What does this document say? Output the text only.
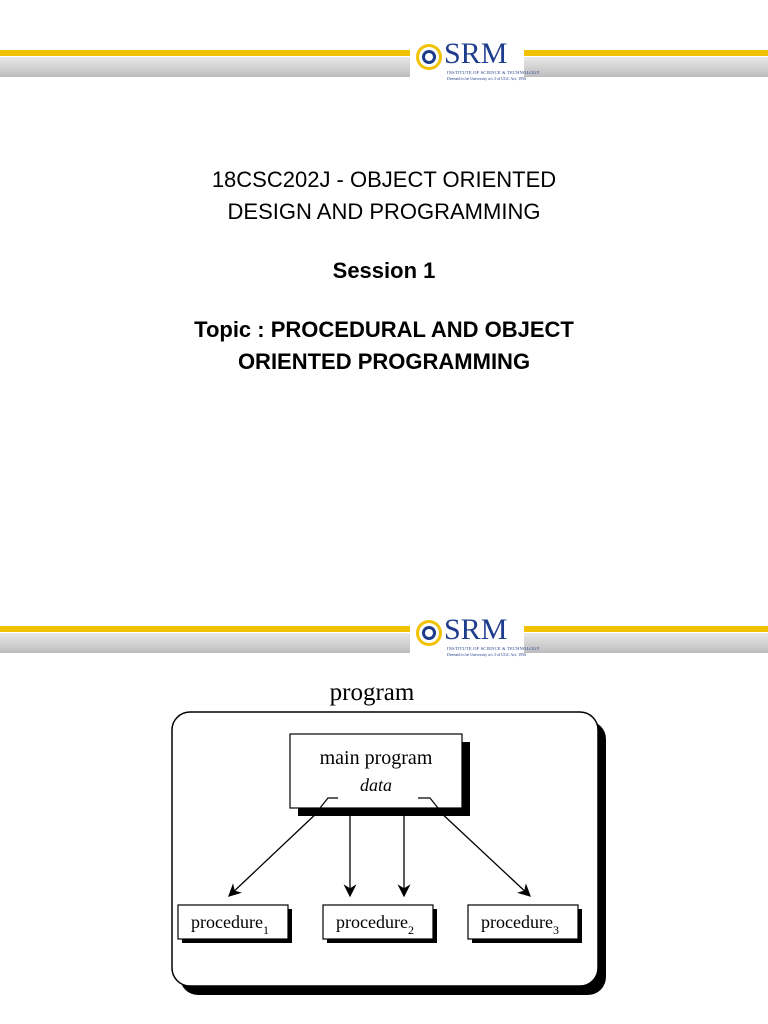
SRM
INSTITUTE OF SCIENCE & TECHNOLOGY
Deemed to be University u/s 3 of UGC Act, 1956
18CSC202J - OBJECT ORIENTED
DESIGN AND PROGRAMMING
Session 1
Topic : PROCEDURAL AND OBJECT
ORIENTED PROGRAMMING
SRM
INSTITUTE OF SCIENCE & TECHNOLOGY
Deemed to be University u/s 3 of UGC Act, 1956
program
main program
data
procedure$_1$	procedure$_2$	procedure$_3$
